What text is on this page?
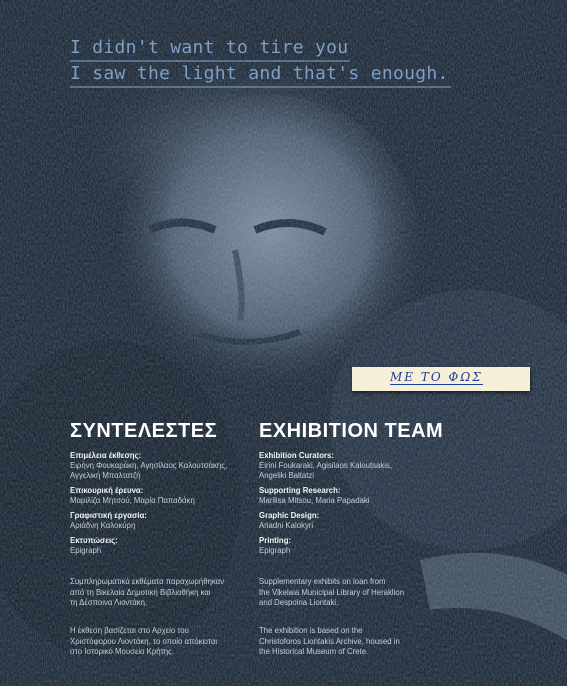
I didn't want to tire you
I saw the light and that's enough.
ΜΕ ΤΟ ΦΩΣ
ΣΥΝΤΕΛΕΣΤΕΣ
Επιμέλεια έκθεσης:
Ειρήνη Φουκαράκη, Αγησίλαος Καλουτσάκης,
Αγγελική Μπαλτατζή
Επικουρική έρευνα:
Μαριλίζα Μητσού, Μαρία Παπαδάκη
Γραφιστική εργασία:
Αριάδνη Καλοκύρη
Εκτυπώσεις:
Epigraph
Συμπληρωματικά εκθέματα παραχωρήθηκαν
από τη Βικελαία Δημοτική Βιβλιοθήκη και
τη Δέσποινα Λιοντάκη.
Η έκθεση βασίζεται στο Αρχείο του
Χριστόφορου Λιοντάκη, το οποίο απόκειται
στο Ιστορικό Μουσείο Κρήτης.
EXHIBITION TEAM
Exhibition Curators:
Eirini Foukaraki, Agisilaos Kaloutsakis,
Angeliki Baltatzi
Supporting Research:
Marilisa Mitsou, Maria Papadaki
Graphic Design:
Ariadni Kalokyri
Printing:
Epigraph
Supplementary exhibits on loan from
the Vikelaia Municipal Library of Heraklion
and Despoina Liontaki.
The exhibition is based on the
Christoforos Liontakis Archive, housed in
the Historical Museum of Crete.
